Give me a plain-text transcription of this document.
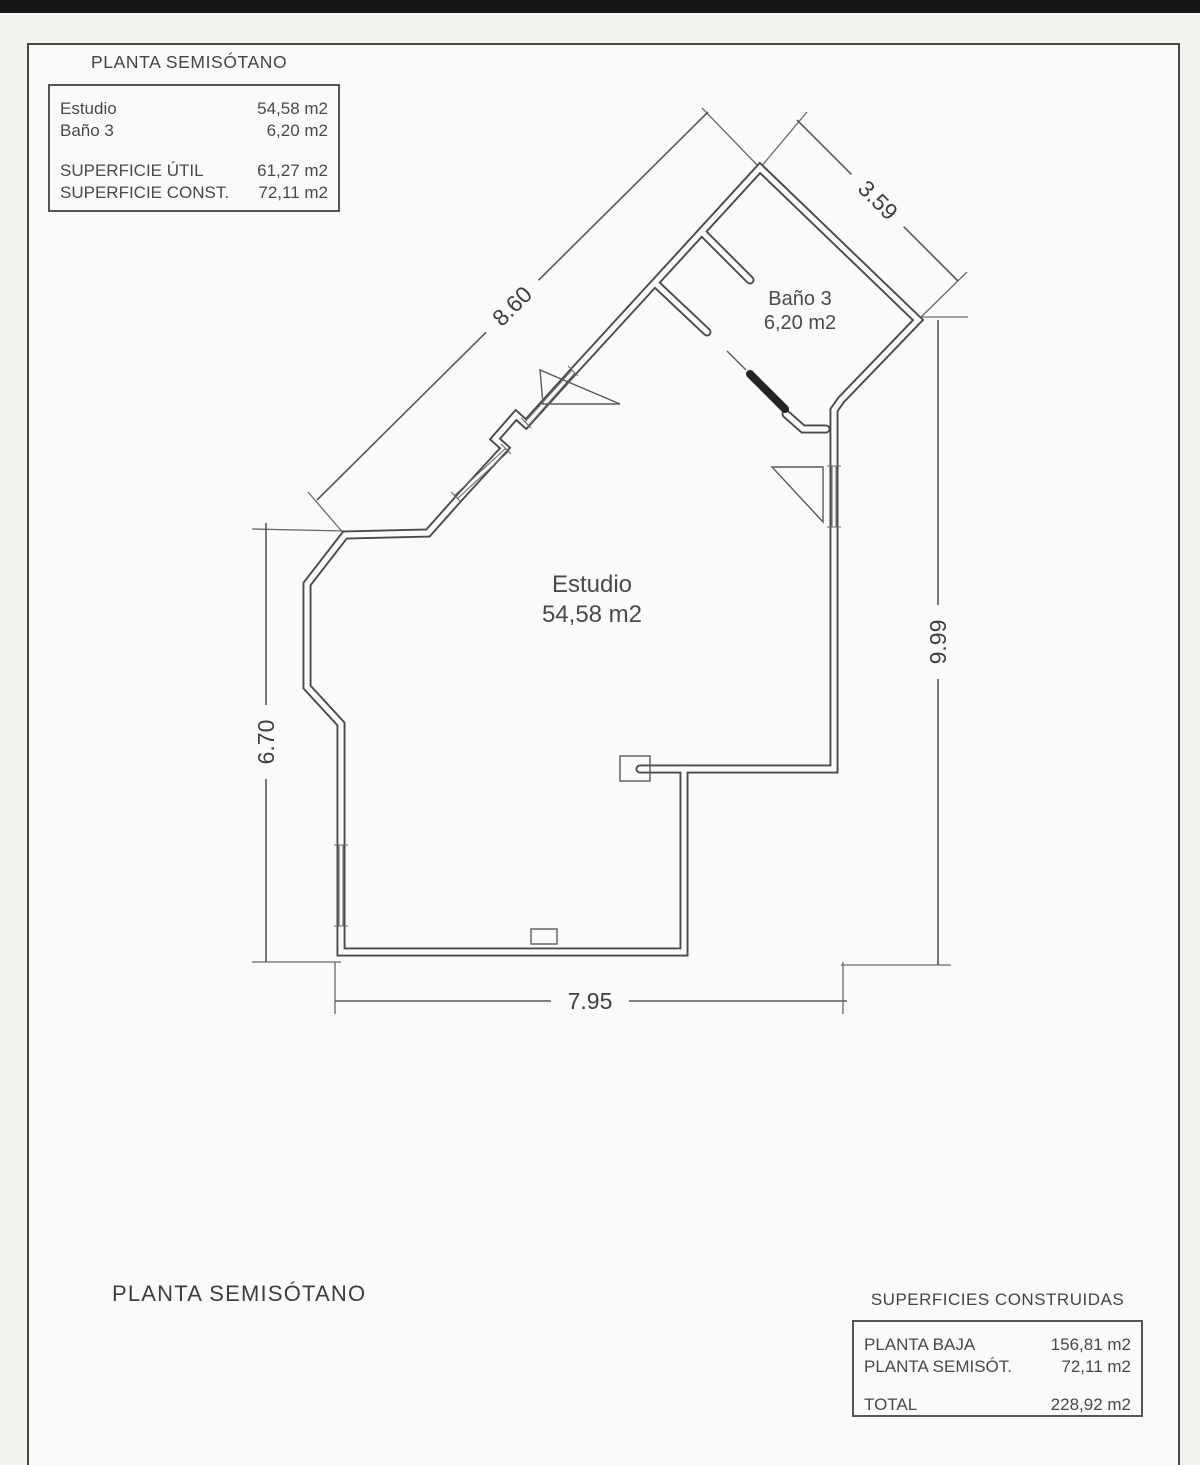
8.60
3.59
9.99
6.70
7.95
Estudio
54,58 m2
Baño 3
6,20 m2
PLANTA SEMISÓTANO
Estudio	54,58 m2
Baño 3	6,20 m2
SUPERFICIE ÚTIL	61,27 m2
SUPERFICIE CONST. 72,11 m2
PLANTA SEMISÓTANO	SUPERFICIES CONSTRUIDAS
PLANTA BAJA	156,81 m2
PLANTA SEMISÓT.	72,11 m2
TOTAL	228,92 m2
